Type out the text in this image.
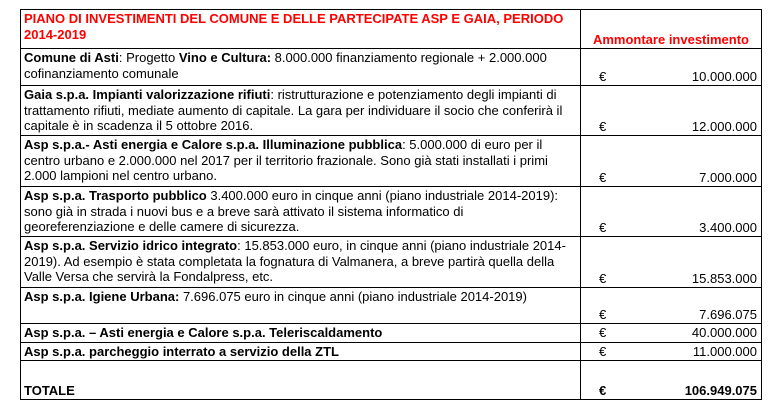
PIANO DI INVESTIMENTI DEL COMUNE E DELLE PARTECIPATE ASP E GAIA, PERIODO 2014-2019	Ammontare investimento
Comune di Asti: Progetto Vino e Cultura: 8.000.000 finanziamento regionale + 2.000.000 cofinanziamento comunale	€ 10.000.000

Gaia s.p.a. Impianti valorizzazione rifiuti: ristrutturazione e potenziamento degli impianti di trattamento rifiuti, mediate aumento di capitale. La gara per individuare il socio che conferirà il capitale è in scadenza il 5 ottobre 2016.	€ 12.000.000

Asp s.p.a.- Asti energia e Calore s.p.a. Illuminazione pubblica: 5.000.000 di euro per il centro urbano e 2.000.000 nel 2017 per il territorio frazionale. Sono già stati installati i primi 2.000 lampioni nel centro urbano.	€ 7.000.000

Asp s.p.a. Trasporto pubblico 3.400.000 euro in cinque anni (piano industriale 2014-2019): sono già in strada i nuovi bus e a breve sarà attivato il sistema informatico di georeferenziazione e delle camere di sicurezza.	€ 3.400.000

Asp s.p.a. Servizio idrico integrato: 15.853.000 euro, in cinque anni (piano industriale 2014-2019). Ad esempio è stata completata la fognatura di Valmanera, a breve partirà quella della Valle Versa che servirà la Fondalpress, etc.	€ 15.853.000

Asp s.p.a. Igiene Urbana: 7.696.075 euro in cinque anni (piano industriale 2014-2019)	€ 7.696.075

Asp s.p.a. – Asti energia e Calore s.p.a. Teleriscaldamento	€ 40.000.000

Asp s.p.a. parcheggio interrato a servizio della ZTL	€ 11.000.000

TOTALE	€ 106.949.075
